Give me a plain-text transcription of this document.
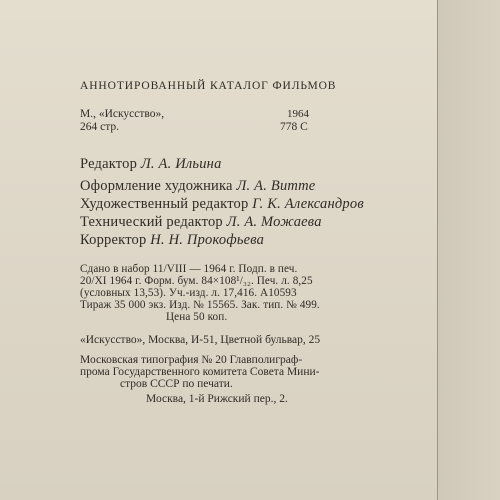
АННОТИРОВАННЫЙ КАТАЛОГ ФИЛЬМОВ
М., «Искусство»,
264 стр.
1964
778 С
Редактор Л. А. Ильина
Оформление художника Л. А. Витте
Художественный редактор Г. К. Александров
Технический редактор Л. А. Можаева
Корректор Н. Н. Прокофьева
Сдано в набор 11/VIII — 1964 г. Подп. в печ.
20/XI 1964 г. Форм. бум. 84×108¹/₃₂. Печ. л. 8,25
(условных 13,53). Уч.-изд. л. 17,416. А10593
Тираж 35 000 экз. Изд. № 15565. Зак. тип. № 499.
Цена 50 коп.
«Искусство», Москва, И-51, Цветной бульвар, 25
Московская типография № 20 Главполиграф-
прома Государственного комитета Совета Мини-
стров СССР по печати.
Москва, 1-й Рижский пер., 2.
